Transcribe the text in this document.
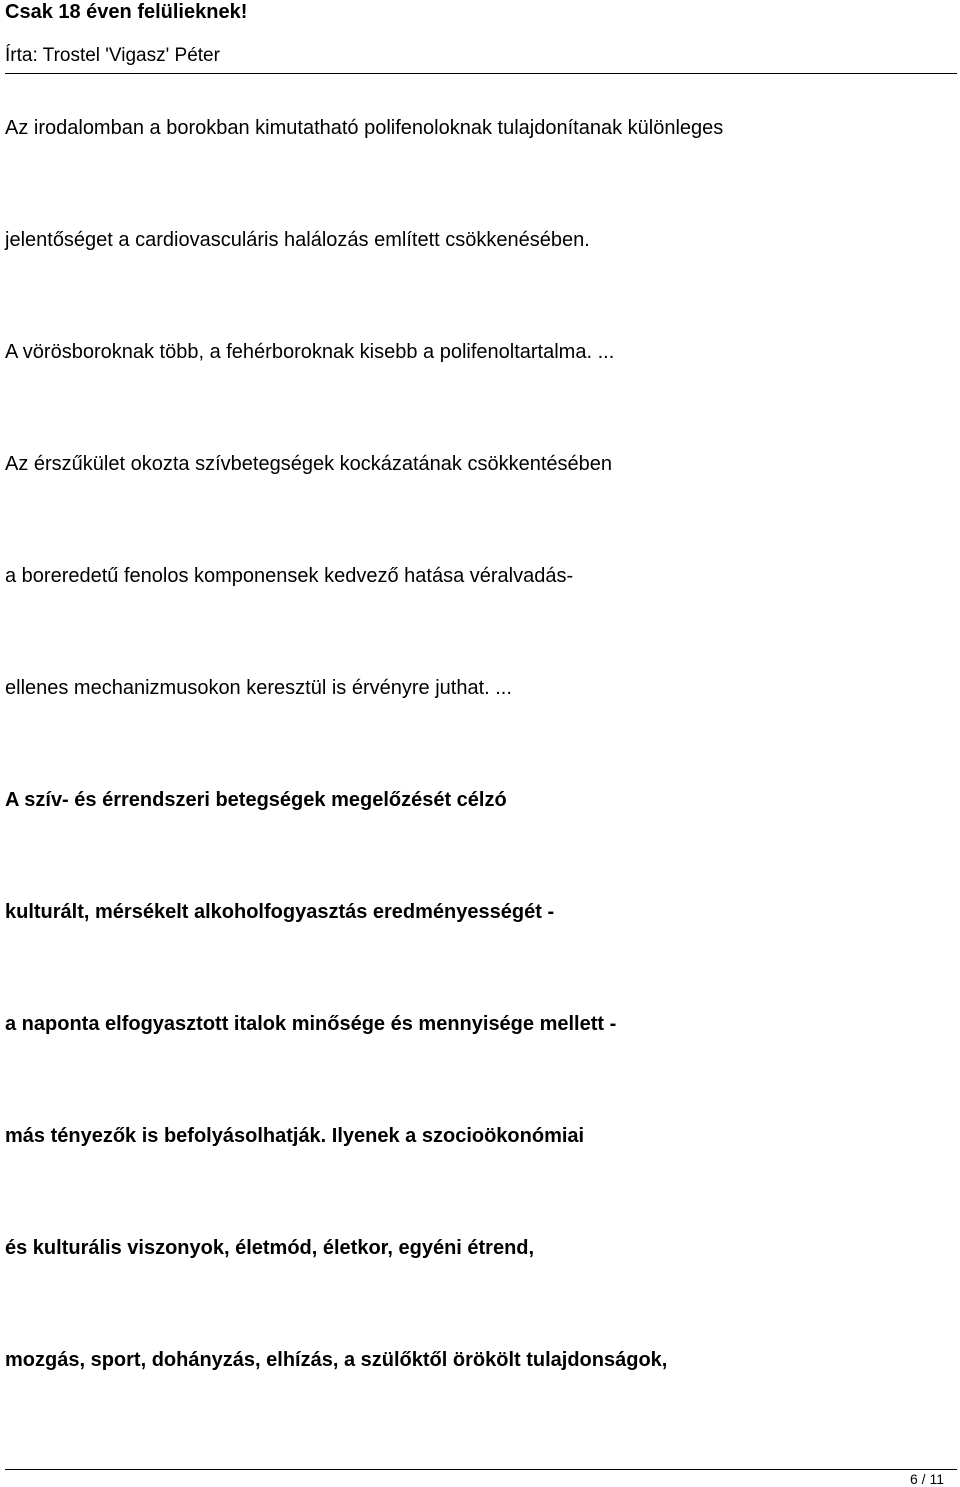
Csak 18 éven felülieknek!
Írta: Trostel 'Vigasz' Péter
Az irodalomban a borokban kimutatható polifenoloknak tulajdonítanak különleges
jelentőséget a cardiovasculáris halálozás említett csökkenésében.
A vörösboroknak több, a fehérboroknak kisebb a polifenoltartalma. ...
Az érszűkület okozta szívbetegségek kockázatának csökkentésében
a boreredetű fenolos komponensek kedvező hatása véralvadás-
ellenes mechanizmusokon keresztül is érvényre juthat. ...
A szív- és érrendszeri betegségek megelőzését célzó
kulturált, mérsékelt alkoholfogyasztás eredményességét -
a naponta elfogyasztott italok minősége és mennyisége mellett -
más tényezők is befolyásolhatják. Ilyenek a szocioökonómiai
és kulturális viszonyok, életmód, életkor, egyéni étrend,
mozgás, sport, dohányzás, elhízás, a szülőktől örökölt tulajdonságok,
6 / 11
